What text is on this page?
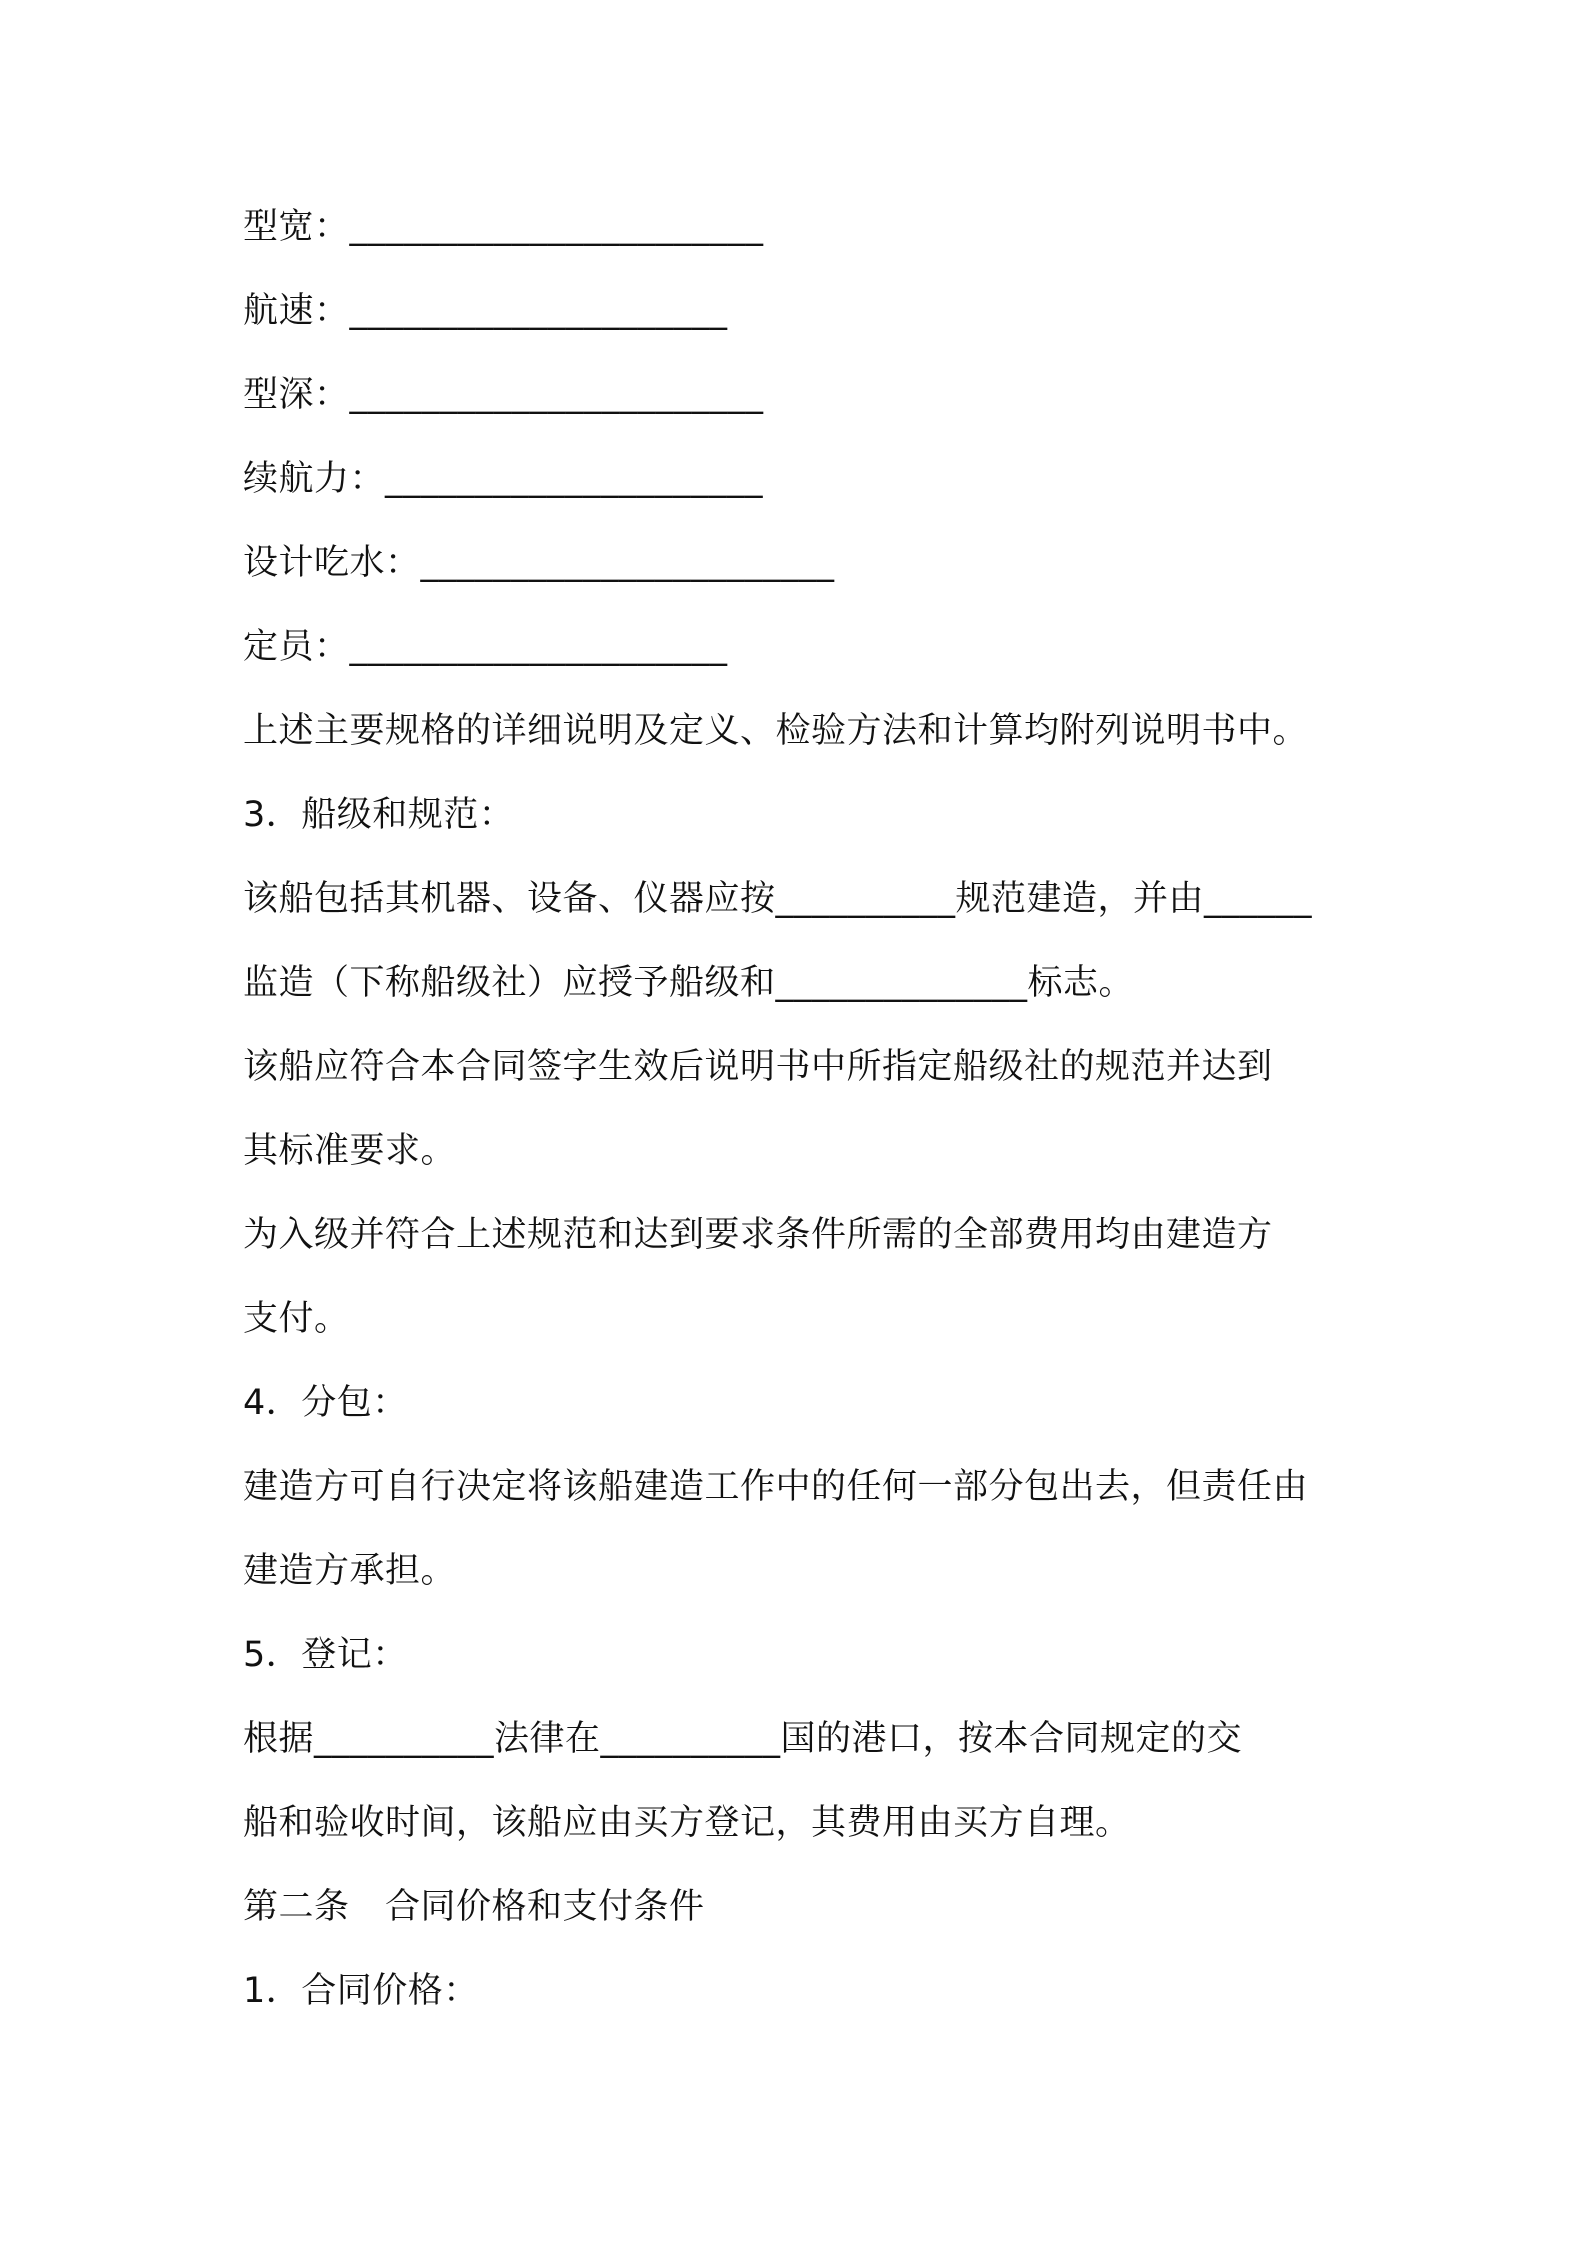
型宽：_______________________
航速：_____________________
型深：_______________________
续航力：_____________________
设计吃水：_______________________
定员：_____________________
上述主要规格的详细说明及定义、检验方法和计算均附列说明书中。
3．船级和规范：
该船包括其机器、设备、仪器应按__________规范建造，并由______
监造（下称船级社）应授予船级和______________标志。
该船应符合本合同签字生效后说明书中所指定船级社的规范并达到
其标准要求。
为入级并符合上述规范和达到要求条件所需的全部费用均由建造方
支付。
4．分包：
建造方可自行决定将该船建造工作中的任何一部分包出去，但责任由
建造方承担。
5．登记：
根据__________法律在__________国的港口，按本合同规定的交
船和验收时间，该船应由买方登记，其费用由买方自理。
第二条　合同价格和支付条件
1．合同价格：
